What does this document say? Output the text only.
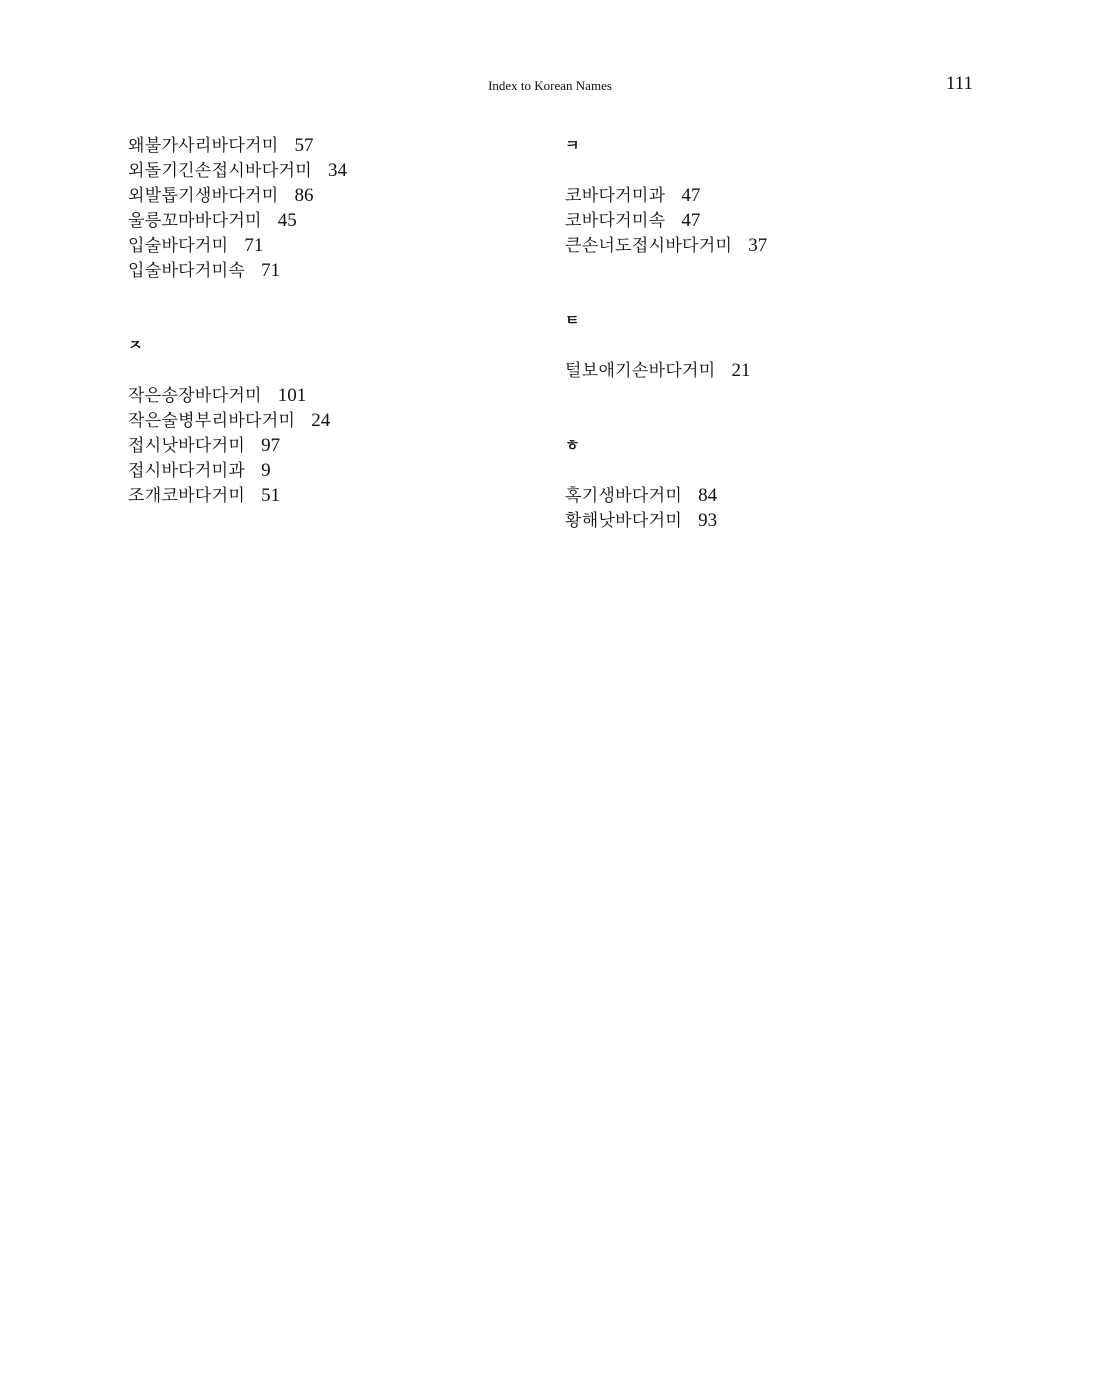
Index to Korean Names	111
왜불가사리바다거미 57
외돌기긴손접시바다거미 34
외발톱기생바다거미 86
울릉꼬마바다거미 45
입술바다거미 71
입술바다거미속 71
ㅈ
작은송장바다거미 101
작은술병부리바다거미 24
접시낫바다거미 97
접시바다거미과 9
조개코바다거미 51
ㅋ
코바다거미과 47
코바다거미속 47
큰손너도접시바다거미 37
ㅌ
털보애기손바다거미 21
ㅎ
혹기생바다거미 84
황해낫바다거미 93
